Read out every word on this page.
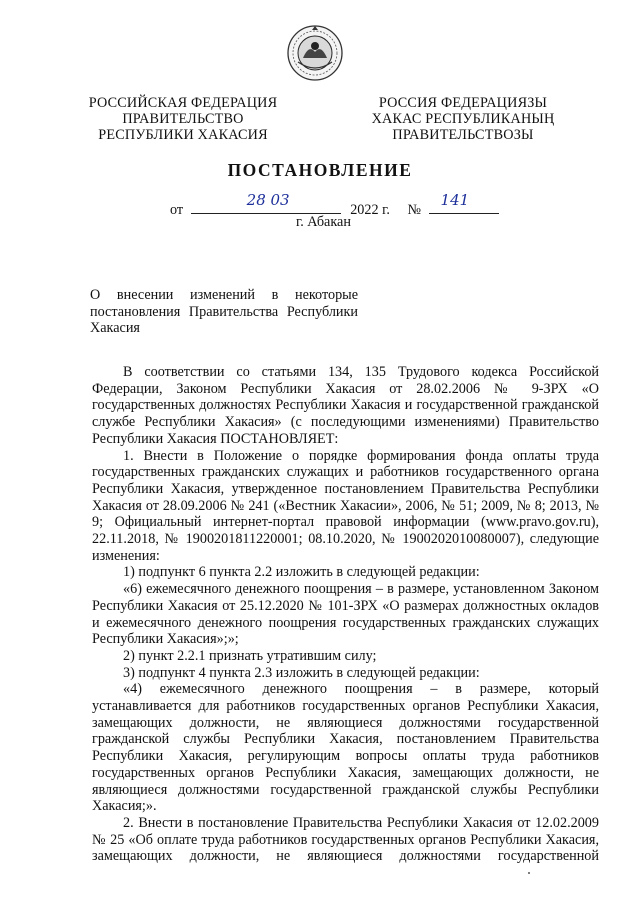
РОССИЙСКАЯ ФЕДЕРАЦИЯ
ПРАВИТЕЛЬСТВО
РЕСПУБЛИКИ ХАКАСИЯ
РОССИЯ ФЕДЕРАЦИЯЗЫ
ХАКАС РЕСПУБЛИКАНЫҢ
ПРАВИТЕЛЬСТВОЗЫ
ПОСТАНОВЛЕНИЕ
от
28 03
2022 г. №
141
г. Абакан
О внесении изменений в некоторые постановления Правительства Республики Хакасия

В соответствии со статьями 134, 135 Трудового кодекса Российской Федерации, Законом Республики Хакасия от 28.02.2006 № 9-ЗРХ «О государственных должностях Республики Хакасия и государственной гражданской службе Республики Хакасия» (с последующими изменениями) Правительство Республики Хакасия ПОСТАНОВЛЯЕТ:

1. Внести в Положение о порядке формирования фонда оплаты труда государственных гражданских служащих и работников государственного органа Республики Хакасия, утвержденное постановлением Правительства Республики Хакасия от 28.09.2006 № 241 («Вестник Хакасии», 2006, № 51; 2009, № 8; 2013, № 9; Официальный интернет-портал правовой информации (www.pravo.gov.ru), 22.11.2018, № 1900201811220001; 08.10.2020, № 1900202010080007), следующие изменения:

1) подпункт 6 пункта 2.2 изложить в следующей редакции:

«6) ежемесячного денежного поощрения – в размере, установленном Законом Республики Хакасия от 25.12.2020 № 101-ЗРХ «О размерах должностных окладов и ежемесячного денежного поощрения государственных гражданских служащих Республики Хакасия»;»;

2) пункт 2.2.1 признать утратившим силу;

3) подпункт 4 пункта 2.3 изложить в следующей редакции:

«4) ежемесячного денежного поощрения – в размере, который устанавливается для работников государственных органов Республики Хакасия, замещающих должности, не являющиеся должностями государственной гражданской службы Республики Хакасия, постановлением Правительства Республики Хакасия, регулирующим вопросы оплаты труда работников государственных органов Республики Хакасия, замещающих должности, не являющиеся должностями государственной гражданской службы Республики Хакасия;».

2. Внести в постановление Правительства Республики Хакасия от 12.02.2009 № 25 «Об оплате труда работников государственных органов Республики Хакасия, замещающих должности, не являющиеся должностями государственной
